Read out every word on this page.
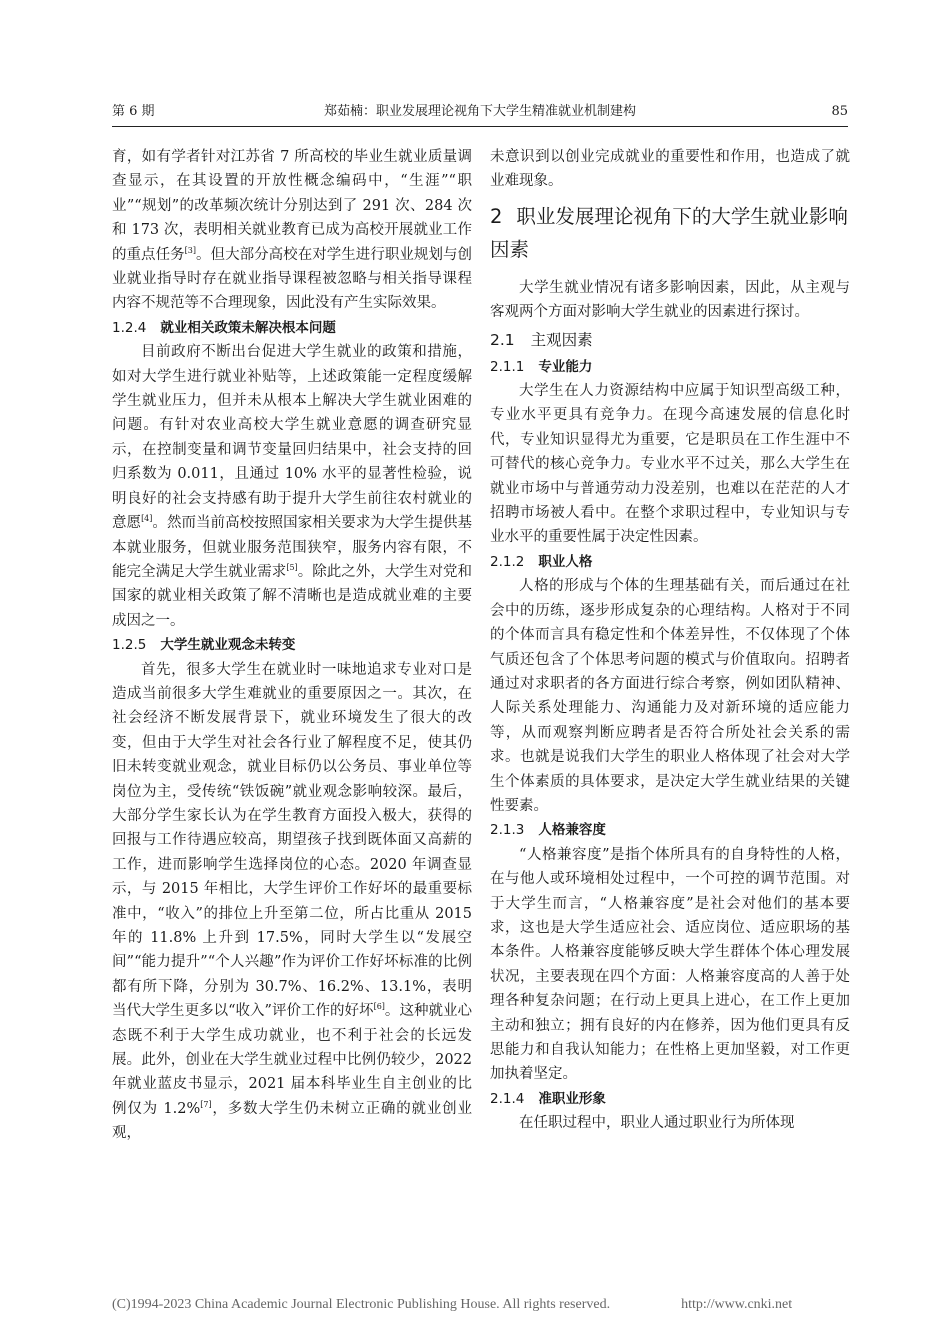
第 6 期	郑茹楠：职业发展理论视角下大学生精准就业机制建构	85

育，如有学者针对江苏省 7 所高校的毕业生就业质量调查显示，在其设置的开放性概念编码中，“生涯”“职业”“规划”的改革频次统计分别达到了 291 次、284 次和 173 次，表明相关就业教育已成为高校开展就业工作的重点任务[3]。但大部分高校在对学生进行职业规划与创业就业指导时存在就业指导课程被忽略与相关指导课程内容不规范等不合理现象，因此没有产生实际效果。

1.2.4 就业相关政策未解决根本问题

目前政府不断出台促进大学生就业的政策和措施，如对大学生进行就业补贴等，上述政策能一定程度缓解学生就业压力，但并未从根本上解决大学生就业困难的问题。有针对农业高校大学生就业意愿的调查研究显示，在控制变量和调节变量回归结果中，社会支持的回归系数为 0.011，且通过 10% 水平的显著性检验，说明良好的社会支持感有助于提升大学生前往农村就业的意愿[4]。然而当前高校按照国家相关要求为大学生提供基本就业服务，但就业服务范围狭窄，服务内容有限，不能完全满足大学生就业需求[5]。除此之外，大学生对党和国家的就业相关政策了解不清晰也是造成就业难的主要成因之一。

1.2.5 大学生就业观念未转变

首先，很多大学生在就业时一味地追求专业对口是造成当前很多大学生难就业的重要原因之一。其次，在社会经济不断发展背景下，就业环境发生了很大的改变，但由于大学生对社会各行业了解程度不足，使其仍旧未转变就业观念，就业目标仍以公务员、事业单位等岗位为主，受传统“铁饭碗”就业观念影响较深。最后，大部分学生家长认为在学生教育方面投入极大，获得的回报与工作待遇应较高，期望孩子找到既体面又高薪的工作，进而影响学生选择岗位的心态。2020 年调查显示，与 2015 年相比，大学生评价工作好坏的最重要标准中，“收入”的排位上升至第二位，所占比重从 2015 年的 11.8% 上升到 17.5%，同时大学生以“发展空间”“能力提升”“个人兴趣”作为评价工作好坏标准的比例都有所下降，分别为 30.7%、16.2%、13.1%，表明当代大学生更多以“收入”评价工作的好坏[6]。这种就业心态既不利于大学生成功就业，也不利于社会的长远发展。此外，创业在大学生就业过程中比例仍较少，2022 年就业蓝皮书显示，2021 届本科毕业生自主创业的比例仅为 1.2%[7]，多数大学生仍未树立正确的就业创业观，

未意识到以创业完成就业的重要性和作用，也造成了就业难现象。

2 职业发展理论视角下的大学生就业影响因素

大学生就业情况有诸多影响因素，因此，从主观与客观两个方面对影响大学生就业的因素进行探讨。

2.1 主观因素
2.1.1 专业能力

大学生在人力资源结构中应属于知识型高级工种，专业水平更具有竞争力。在现今高速发展的信息化时代，专业知识显得尤为重要，它是职员在工作生涯中不可替代的核心竞争力。专业水平不过关，那么大学生在就业市场中与普通劳动力没差别，也难以在茫茫的人才招聘市场被人看中。在整个求职过程中，专业知识与专业水平的重要性属于决定性因素。

2.1.2 职业人格

人格的形成与个体的生理基础有关，而后通过在社会中的历练，逐步形成复杂的心理结构。人格对于不同的个体而言具有稳定性和个体差异性，不仅体现了个体气质还包含了个体思考问题的模式与价值取向。招聘者通过对求职者的各方面进行综合考察，例如团队精神、人际关系处理能力、沟通能力及对新环境的适应能力等，从而观察判断应聘者是否符合所处社会关系的需求。也就是说我们大学生的职业人格体现了社会对大学生个体素质的具体要求，是决定大学生就业结果的关键性要素。

2.1.3 人格兼容度

“人格兼容度”是指个体所具有的自身特性的人格，在与他人或环境相处过程中，一个可控的调节范围。对于大学生而言，“人格兼容度”是社会对他们的基本要求，这也是大学生适应社会、适应岗位、适应职场的基本条件。人格兼容度能够反映大学生群体个体心理发展状况，主要表现在四个方面：人格兼容度高的人善于处理各种复杂问题；在行动上更具上进心，在工作上更加主动和独立；拥有良好的内在修养，因为他们更具有反思能力和自我认知能力；在性格上更加坚毅，对工作更加执着坚定。

2.1.4 准职业形象

在任职过程中，职业人通过职业行为所体现

(C)1994-2023 China Academic Journal Electronic Publishing House. All rights reserved.	http://www.cnki.net
